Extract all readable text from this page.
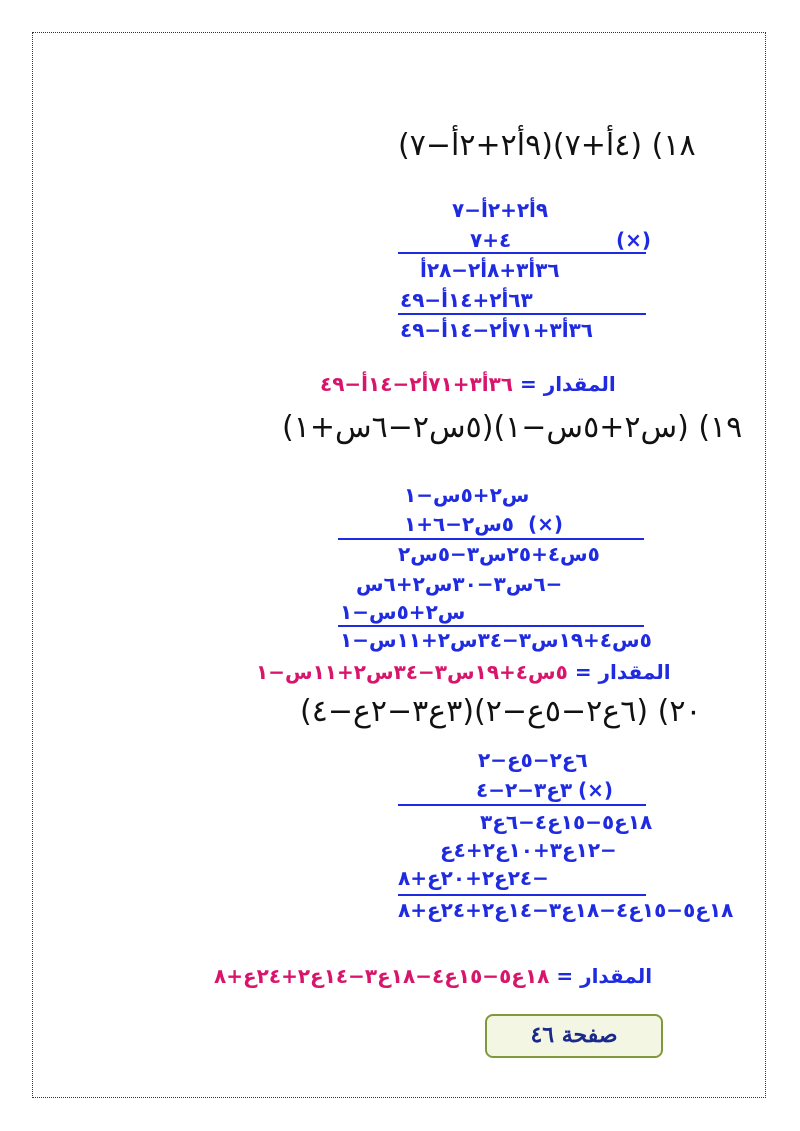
١٨) (٤أ+٧)(٩أ٢+٢أ−٧)
٩أ٢+٢أ−٧
٤+٧	(×)
٣٦أ٣+٨أ٢−٢٨أ
٦٣أ٢+١٤أ−٤٩
٣٦أ٣+٧١أ٢−١٤أ−٤٩
المقدار = ٣٦أ٣+٧١أ٢−١٤أ−٤٩
١٩) (س٢+٥س−١)(٥س٢−٦س+١)
س٢+٥س−١
٥س٢−٦+١ (×)
٥س٤+٢٥س٣−٥س٢
−٦س٣−٣٠س٢+٦س
س٢+٥س−١
٥س٤+١٩س٣−٣٤س٢+١١س−١
المقدار = ٥س٤+١٩س٣−٣٤س٢+١١س−١
٢٠) (٦ع٢−٥ع−٢)(٣ع٣−٢ع−٤)
٦ع٢−٥ع−٢
٣ع٣−٢−٤ (×)
١٨ع٥−١٥ع٤−٦ع٣
−١٢ع٣+١٠ع٢+٤ع
−٢٤ع٢+٢٠ع+٨
١٨ع٥−١٥ع٤−١٨ع٣−١٤ع٢+٢٤ع+٨
المقدار = ١٨ع٥−١٥ع٤−١٨ع٣−١٤ع٢+٢٤ع+٨
صفحة ٤٦
